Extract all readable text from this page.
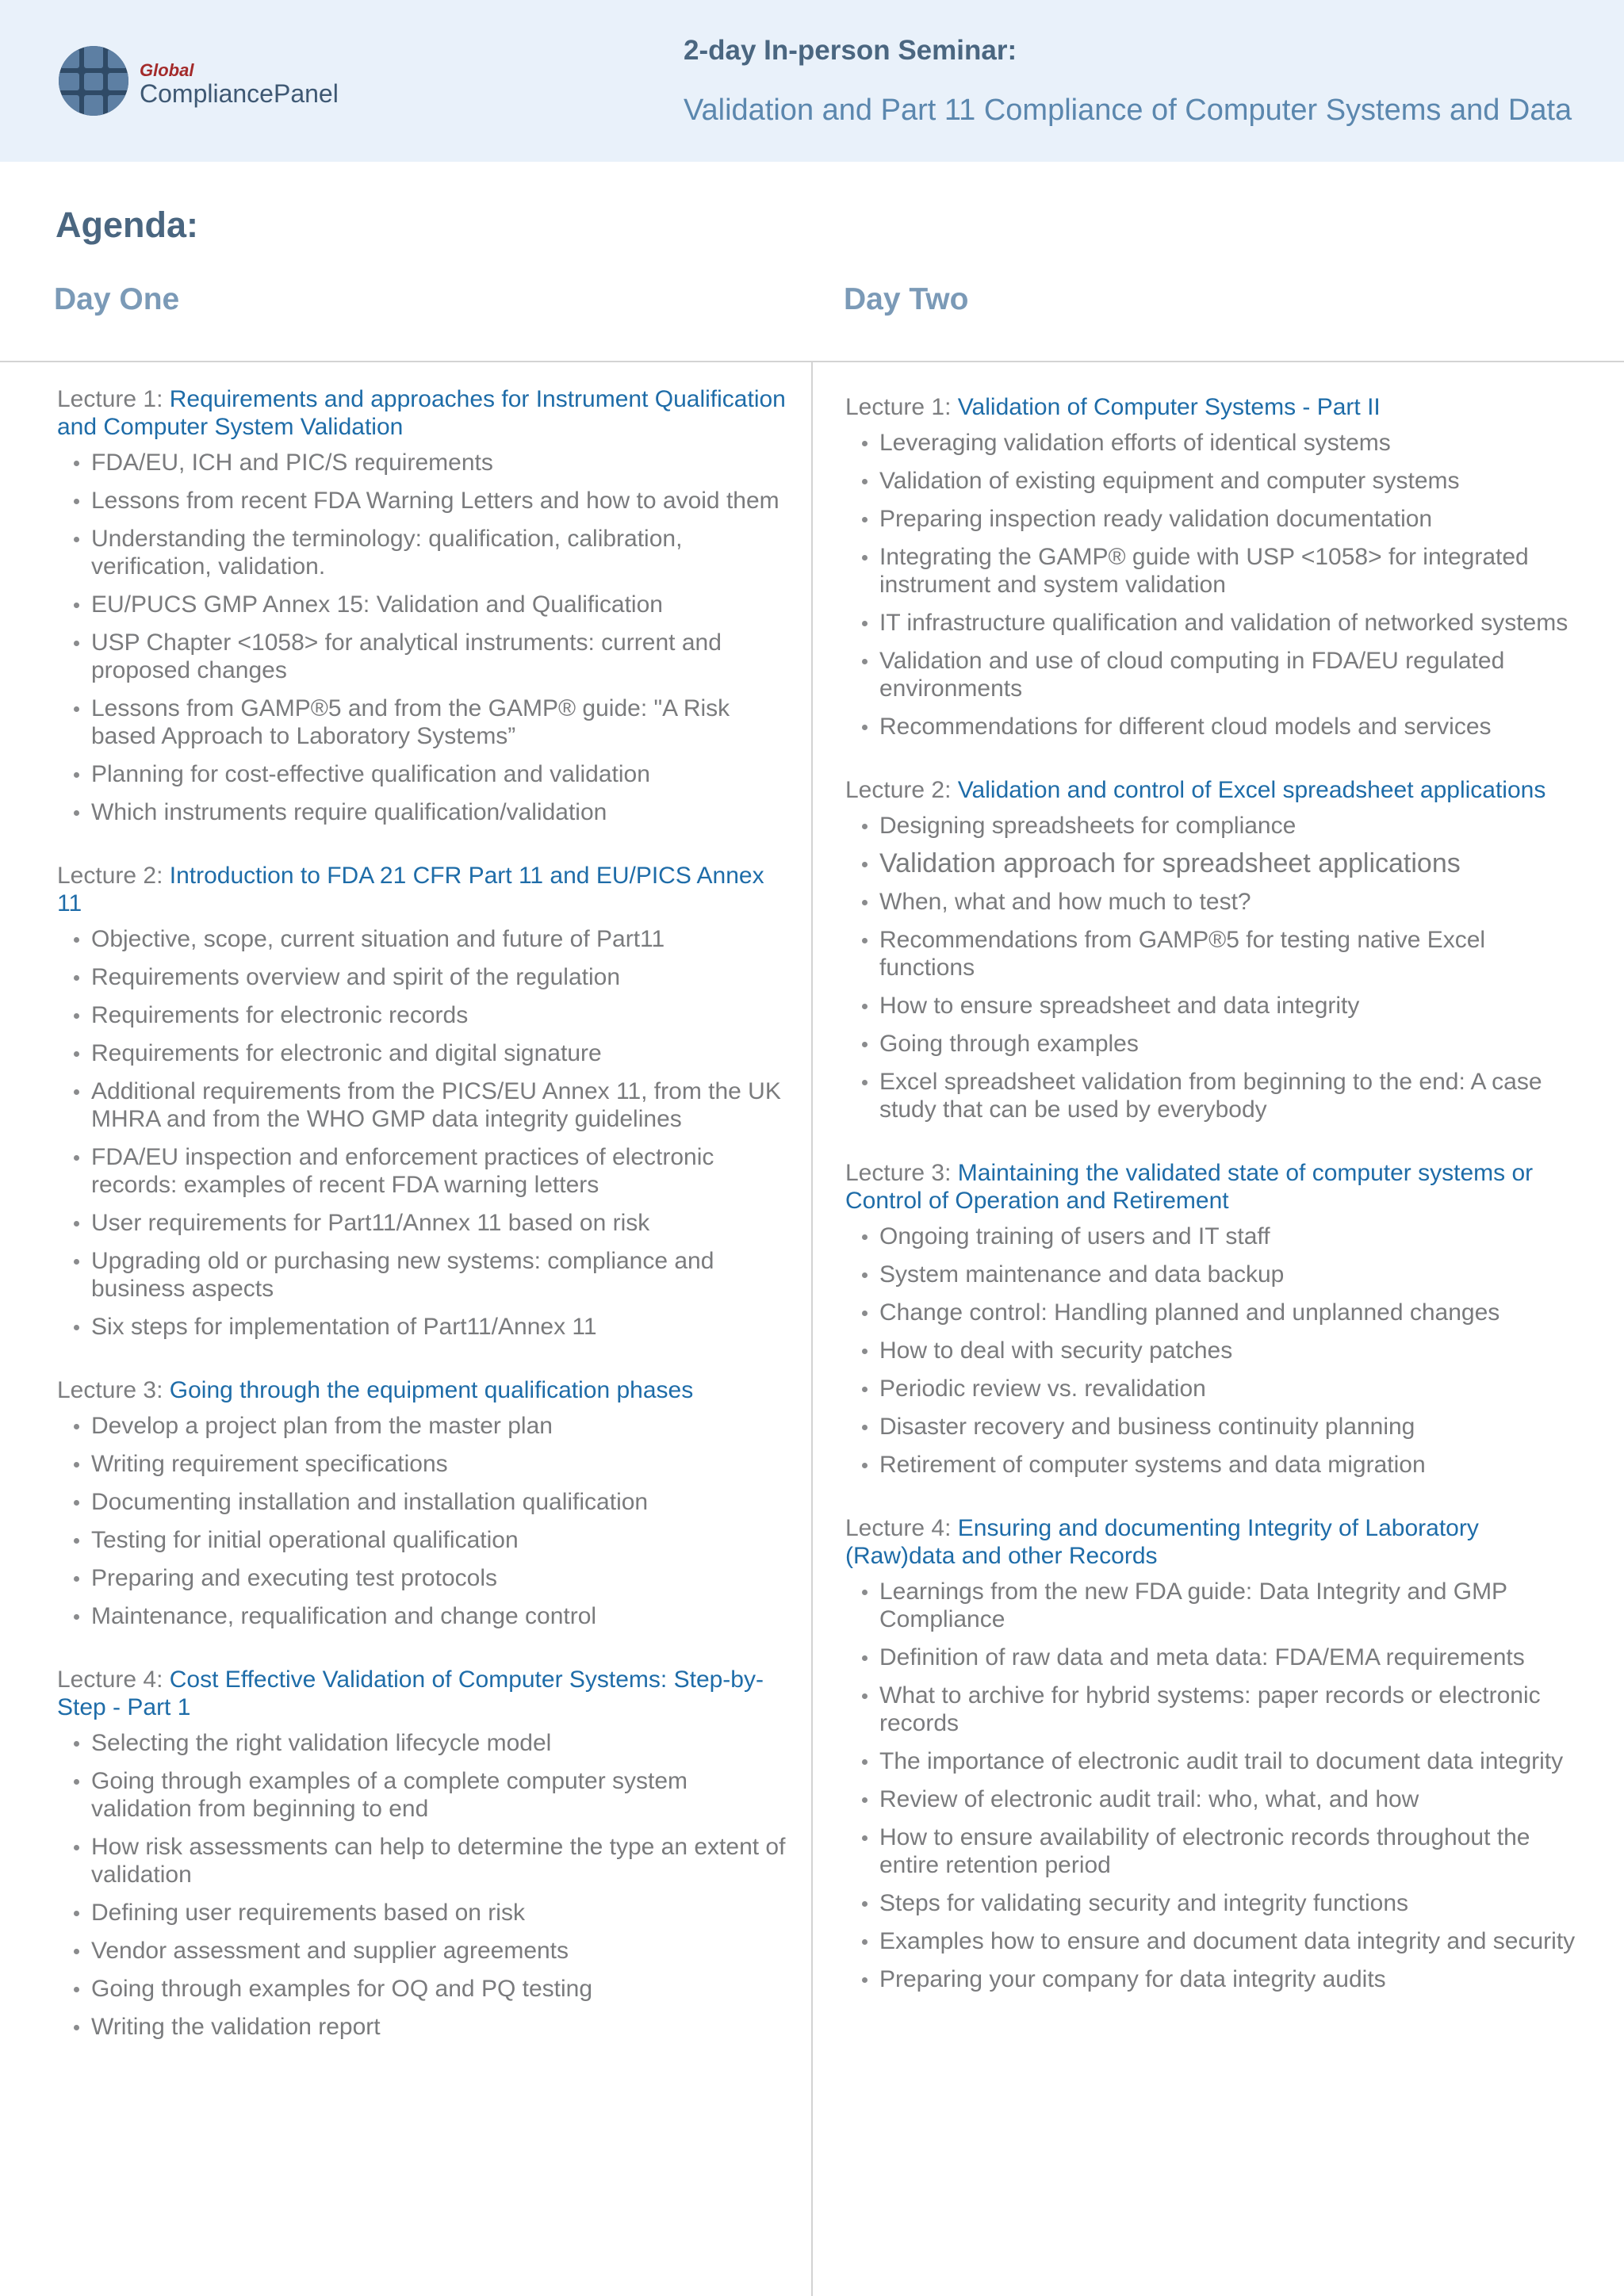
Global
CompliancePanel
2-day In-person Seminar:
Validation and Part 11 Compliance of Computer Systems and Data
Agenda:
Day One	Day Two
Lecture 1: Requirements and approaches for Instrument Qualification and Computer System Validation
FDA/EU, ICH and PIC/S requirements
Lessons from recent FDA Warning Letters and how to avoid them
Understanding the terminology: qualification, calibration, verification, validation.
EU/PUCS GMP Annex 15: Validation and Qualification
USP Chapter <1058> for analytical instruments: current and proposed changes
Lessons from GAMP®5 and from the GAMP® guide: "A Risk based Approach to Laboratory Systems”
Planning for cost-effective qualification and validation
Which instruments require qualification/validation
Lecture 2: Introduction to FDA 21 CFR Part 11 and EU/PICS Annex 11
Objective, scope, current situation and future of Part11
Requirements overview and spirit of the regulation
Requirements for electronic records
Requirements for electronic and digital signature
Additional requirements from the PICS/EU Annex 11, from the UK MHRA and from the WHO GMP data integrity guidelines
FDA/EU inspection and enforcement practices of electronic records: examples of recent FDA warning letters
User requirements for Part11/Annex 11 based on risk
Upgrading old or purchasing new systems: compliance and business aspects
Six steps for implementation of Part11/Annex 11
Lecture 3: Going through the equipment qualification phases
Develop a project plan from the master plan
Writing requirement specifications
Documenting installation and installation qualification
Testing for initial operational qualification
Preparing and executing test protocols
Maintenance, requalification and change control
Lecture 4: Cost Effective Validation of Computer Systems: Step-by-Step - Part 1
Selecting the right validation lifecycle model
Going through examples of a complete computer system validation from beginning to end
How risk assessments can help to determine the type an extent of validation
Defining user requirements based on risk
Vendor assessment and supplier agreements
Going through examples for OQ and PQ testing
Writing the validation report
Lecture 1: Validation of Computer Systems - Part II
Leveraging validation efforts of identical systems
Validation of existing equipment and computer systems
Preparing inspection ready validation documentation
Integrating the GAMP® guide with USP <1058> for integrated instrument and system validation
IT infrastructure qualification and validation of networked systems
Validation and use of cloud computing in FDA/EU regulated environments
Recommendations for different cloud models and services
Lecture 2: Validation and control of Excel spreadsheet applications
Designing spreadsheets for compliance
Validation approach for spreadsheet applications
When, what and how much to test?
Recommendations from GAMP®5 for testing native Excel functions
How to ensure spreadsheet and data integrity
Going through examples
Excel spreadsheet validation from beginning to the end: A case study that can be used by everybody
Lecture 3: Maintaining the validated state of computer systems or Control of Operation and Retirement
Ongoing training of users and IT staff
System maintenance and data backup
Change control: Handling planned and unplanned changes
How to deal with security patches
Periodic review vs. revalidation
Disaster recovery and business continuity planning
Retirement of computer systems and data migration
Lecture 4: Ensuring and documenting Integrity of Laboratory (Raw)data and other Records
Learnings from the new FDA guide: Data Integrity and GMP Compliance
Definition of raw data and meta data: FDA/EMA requirements
What to archive for hybrid systems: paper records or electronic records
The importance of electronic audit trail to document data integrity
Review of electronic audit trail: who, what, and how
How to ensure availability of electronic records throughout the entire retention period
Steps for validating security and integrity functions
Examples how to ensure and document data integrity and security
Preparing your company for data integrity audits
